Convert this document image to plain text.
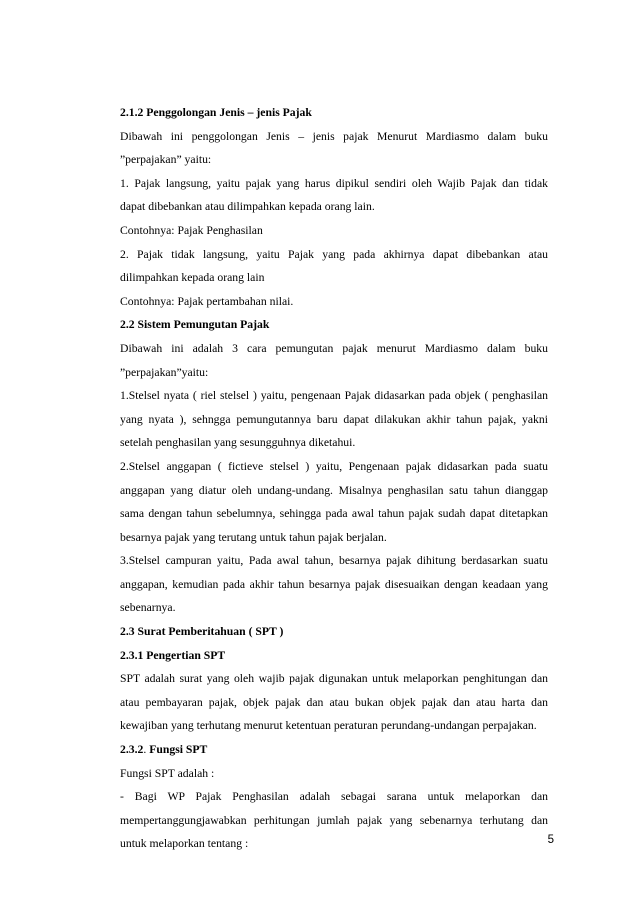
2.1.2 Penggolongan Jenis – jenis Pajak
Dibawah ini penggolongan Jenis – jenis pajak Menurut Mardiasmo dalam buku
”perpajakan” yaitu:
1. Pajak langsung, yaitu pajak yang harus dipikul sendiri oleh Wajib Pajak dan tidak
dapat dibebankan atau dilimpahkan kepada orang lain.
Contohnya: Pajak Penghasilan
2. Pajak tidak langsung, yaitu Pajak yang pada akhirnya dapat dibebankan atau
dilimpahkan kepada orang lain
Contohnya: Pajak pertambahan nilai.
2.2 Sistem Pemungutan Pajak
Dibawah ini adalah 3 cara pemungutan pajak menurut Mardiasmo dalam buku
”perpajakan”yaitu:
1.Stelsel nyata ( riel stelsel ) yaitu, pengenaan Pajak didasarkan pada objek ( penghasilan
yang nyata ), sehngga pemungutannya baru dapat dilakukan akhir tahun pajak, yakni
setelah penghasilan yang sesungguhnya diketahui.
2.Stelsel anggapan ( fictieve stelsel ) yaitu, Pengenaan pajak didasarkan pada suatu
anggapan yang diatur oleh undang-undang. Misalnya penghasilan satu tahun dianggap
sama dengan tahun sebelumnya, sehingga pada awal tahun pajak sudah dapat ditetapkan
besarnya pajak yang terutang untuk tahun pajak berjalan.
3.Stelsel campuran yaitu, Pada awal tahun, besarnya pajak dihitung berdasarkan suatu
anggapan, kemudian pada akhir tahun besarnya pajak disesuaikan dengan keadaan yang
sebenarnya.
2.3 Surat Pemberitahuan ( SPT )
2.3.1 Pengertian SPT
SPT adalah surat yang oleh wajib pajak digunakan untuk melaporkan penghitungan dan
atau pembayaran pajak, objek pajak dan atau bukan objek pajak dan atau harta dan
kewajiban yang terhutang menurut ketentuan peraturan perundang-undangan perpajakan.
2.3.2. Fungsi SPT
Fungsi SPT adalah :
- Bagi WP Pajak Penghasilan adalah sebagai sarana untuk melaporkan dan
mempertanggungjawabkan perhitungan jumlah pajak yang sebenarnya terhutang dan
untuk melaporkan tentang :	5
